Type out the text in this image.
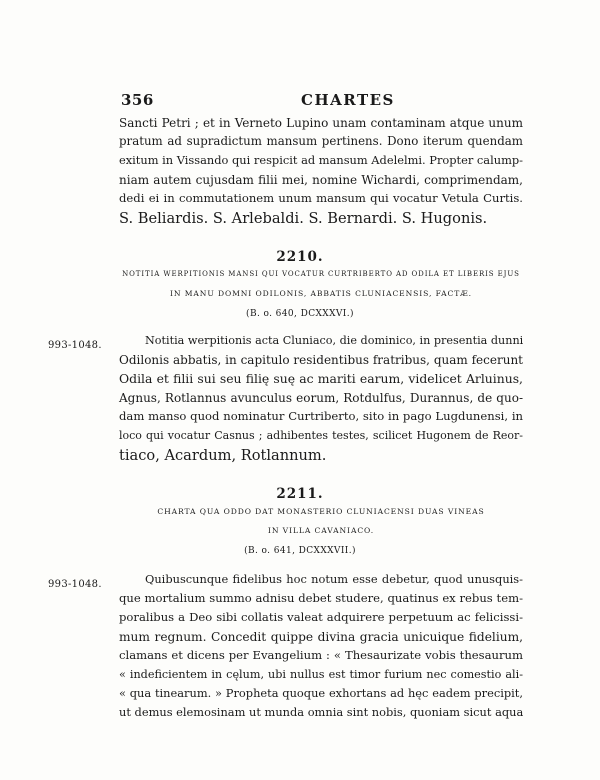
356	CHARTES
Sancti Petri ; et in Verneto Lupino unam contaminam atque unum
pratum ad supradictum mansum pertinens. Dono iterum quendam
exitum in Vissando qui respicit ad mansum Adelelmi. Propter calump-
niam autem cujusdam filii mei, nomine Wichardi, comprimendam,
dedi ei in commutationem unum mansum qui vocatur Vetula Curtis.
S. Beliardis. S. Arlebaldi. S. Bernardi. S. Hugonis.
2210.
NOTITIA WERPITIONIS MANSI QUI VOCATUR CURTRIBERTO AD ODILA ET LIBERIS EJUS
IN MANU DOMNI ODILONIS, ABBATIS CLUNIACENSIS, FACTÆ.
(B. o. 640, DCXXXVI.)
993-1048.	Notitia werpitionis acta Cluniaco, die dominico, in presentia dunni
Odilonis abbatis, in capitulo residentibus fratribus, quam fecerunt
Odila et filii sui seu filię suę ac mariti earum, videlicet Arluinus,
Agnus, Rotlannus avunculus eorum, Rotdulfus, Durannus, de quo-
dam manso quod nominatur Curtriberto, sito in pago Lugdunensi, in
loco qui vocatur Casnus ; adhibentes testes, scilicet Hugonem de Reor-
tiaco, Acardum, Rotlannum.
2211.
CHARTA QUA ODDO DAT MONASTERIO CLUNIACENSI DUAS VINEAS
IN VILLA CAVANIACO.
(B. o. 641, DCXXXVII.)
993-1048.	Quibuscunque fidelibus hoc notum esse debetur, quod unusquis-
que mortalium summo adnisu debet studere, quatinus ex rebus tem-
poralibus a Deo sibi collatis valeat adquirere perpetuum ac felicissi-
mum regnum. Concedit quippe divina gracia unicuique fidelium,
clamans et dicens per Evangelium : « Thesaurizate vobis thesaurum
« indeficientem in cęlum, ubi nullus est timor furium nec comestio ali-
« qua tinearum. » Propheta quoque exhortans ad hęc eadem precipit,
ut demus elemosinam ut munda omnia sint nobis, quoniam sicut aqua
